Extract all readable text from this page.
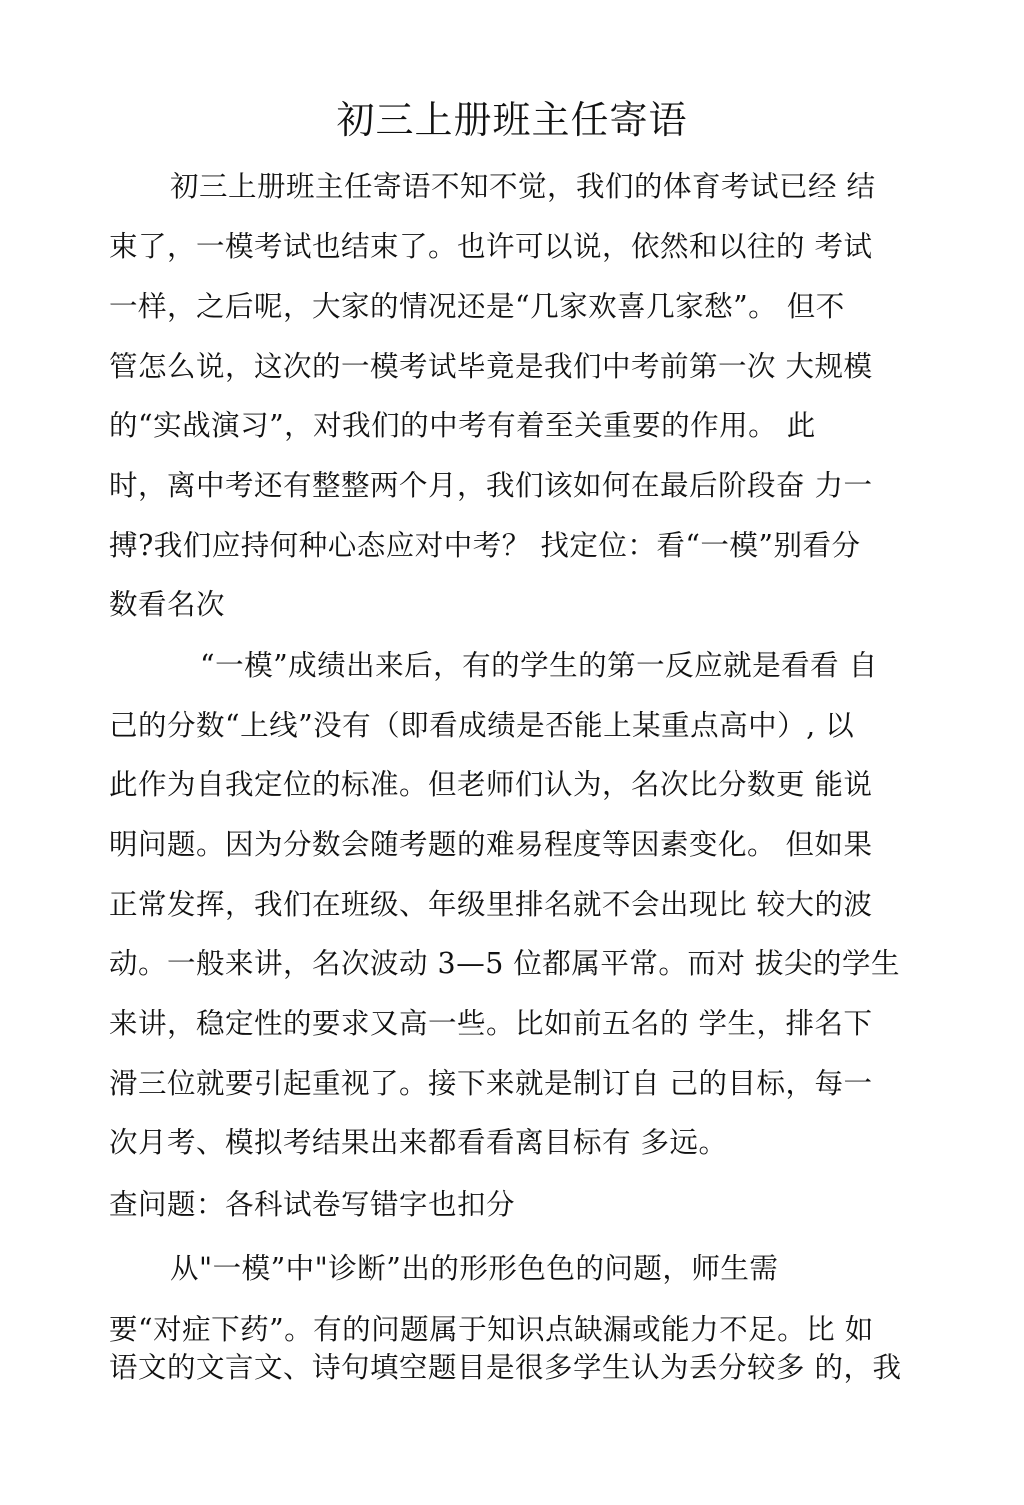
初三上册班主任寄语
初三上册班主任寄语不知不觉，我们的体育考试已经 结
束了，一模考试也结束了。也许可以说，依然和以往的 考试
一样，之后呢，大家的情况还是“几家欢喜几家愁”。 但不
管怎么说，这次的一模考试毕竟是我们中考前第一次 大规模
的“实战演习”，对我们的中考有着至关重要的作用。 此
时，离中考还有整整两个月，我们该如何在最后阶段奋 力一
搏?我们应持何种心态应对中考？ 找定位：看“一模”别看分
数看名次
“一模”成绩出来后，有的学生的第一反应就是看看 自
己的分数“上线”没有（即看成绩是否能上某重点高中）, 以
此作为自我定位的标准。但老师们认为，名次比分数更 能说
明问题。因为分数会随考题的难易程度等因素变化。 但如果
正常发挥，我们在班级、年级里排名就不会出现比 较大的波
动。一般来讲，名次波动 3—5 位都属平常。而对 拔尖的学生
来讲，稳定性的要求又高一些。比如前五名的 学生，排名下
滑三位就要引起重视了。接下来就是制订自 己的目标，每一
次月考、模拟考结果出来都看看离目标有 多远。
查问题：各科试卷写错字也扣分
从"一模”中"诊断”出的形形色色的问题，师生需
要“对症下药”。有的问题属于知识点缺漏或能力不足。比 如
语文的文言文、诗句填空题目是很多学生认为丢分较多 的，我
